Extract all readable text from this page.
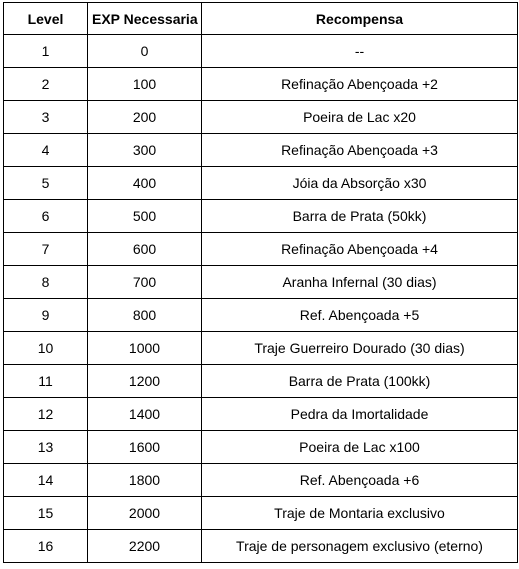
Level	EXP Necessaria	Recompensa
1	0	--
2	100	Refinação Abençoada +2
3	200	Poeira de Lac x20
4	300	Refinação Abençoada +3
5	400	Jóia da Absorção x30
6	500	Barra de Prata (50kk)
7	600	Refinação Abençoada +4
8	700	Aranha Infernal (30 dias)
9	800	Ref. Abençoada +5
10	1000	Traje Guerreiro Dourado (30 dias)
11	1200	Barra de Prata (100kk)
12	1400	Pedra da Imortalidade
13	1600	Poeira de Lac x100
14	1800	Ref. Abençoada +6
15	2000	Traje de Montaria exclusivo
16	2200	Traje de personagem exclusivo (eterno)
